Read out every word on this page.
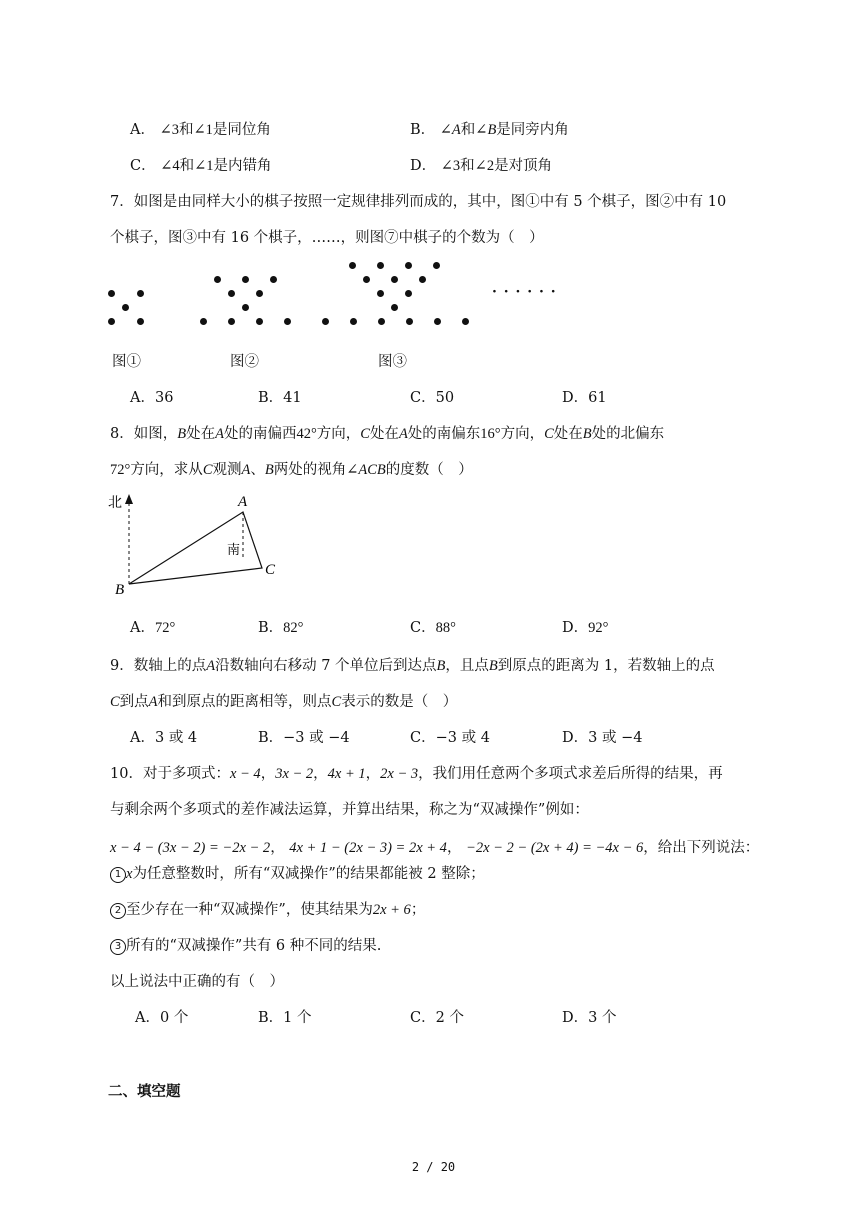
A． ∠3和∠1是同位角	B． ∠A和∠B是同旁内角
C． ∠4和∠1是内错角	D． ∠3和∠2是对顶角
7．如图是由同样大小的棋子按照一定规律排列而成的，其中，图①中有 5 个棋子，图②中有 10
个棋子，图③中有 16 个棋子，……，则图⑦中棋子的个数为（　）
· · · · · ·
图①	图②	图③
A．36	B．41	C．50	D．61
8．如图，B处在A处的南偏西42°方向，C处在A处的南偏东16°方向，C处在B处的北偏东
72°方向，求从C观测A、B两处的视角∠ACB的度数（　）
北
南
A
B
C
A．72°	B．82°	C．88°	D．92°
9．数轴上的点A沿数轴向右移动 7 个单位后到达点B，且点B到原点的距离为 1，若数轴上的点
C到点A和到原点的距离相等，则点C表示的数是（　）
A．3 或 4	B．−3 或 −4	C．−3 或 4	D．3 或 −4
10．对于多项式：x − 4，3x − 2，4x + 1，2x − 3，我们用任意两个多项式求差后所得的结果，再
与剩余两个多项式的差作减法运算，并算出结果，称之为“双减操作”例如：
x − 4 − (3x − 2) = −2x − 2， 4x + 1 − (2x − 3) = 2x + 4， −2x − 2 − (2x + 4) = −4x − 6，给出下列说法：
1 x为任意整数时，所有“双减操作”的结果都能被 2 整除；
2 至少存在一种“双减操作”，使其结果为2x + 6；
3 所有的“双减操作”共有 6 种不同的结果.
以上说法中正确的有（　）
A．0 个	B．1 个	C．2 个	D．3 个
二、填空题
2 / 20
